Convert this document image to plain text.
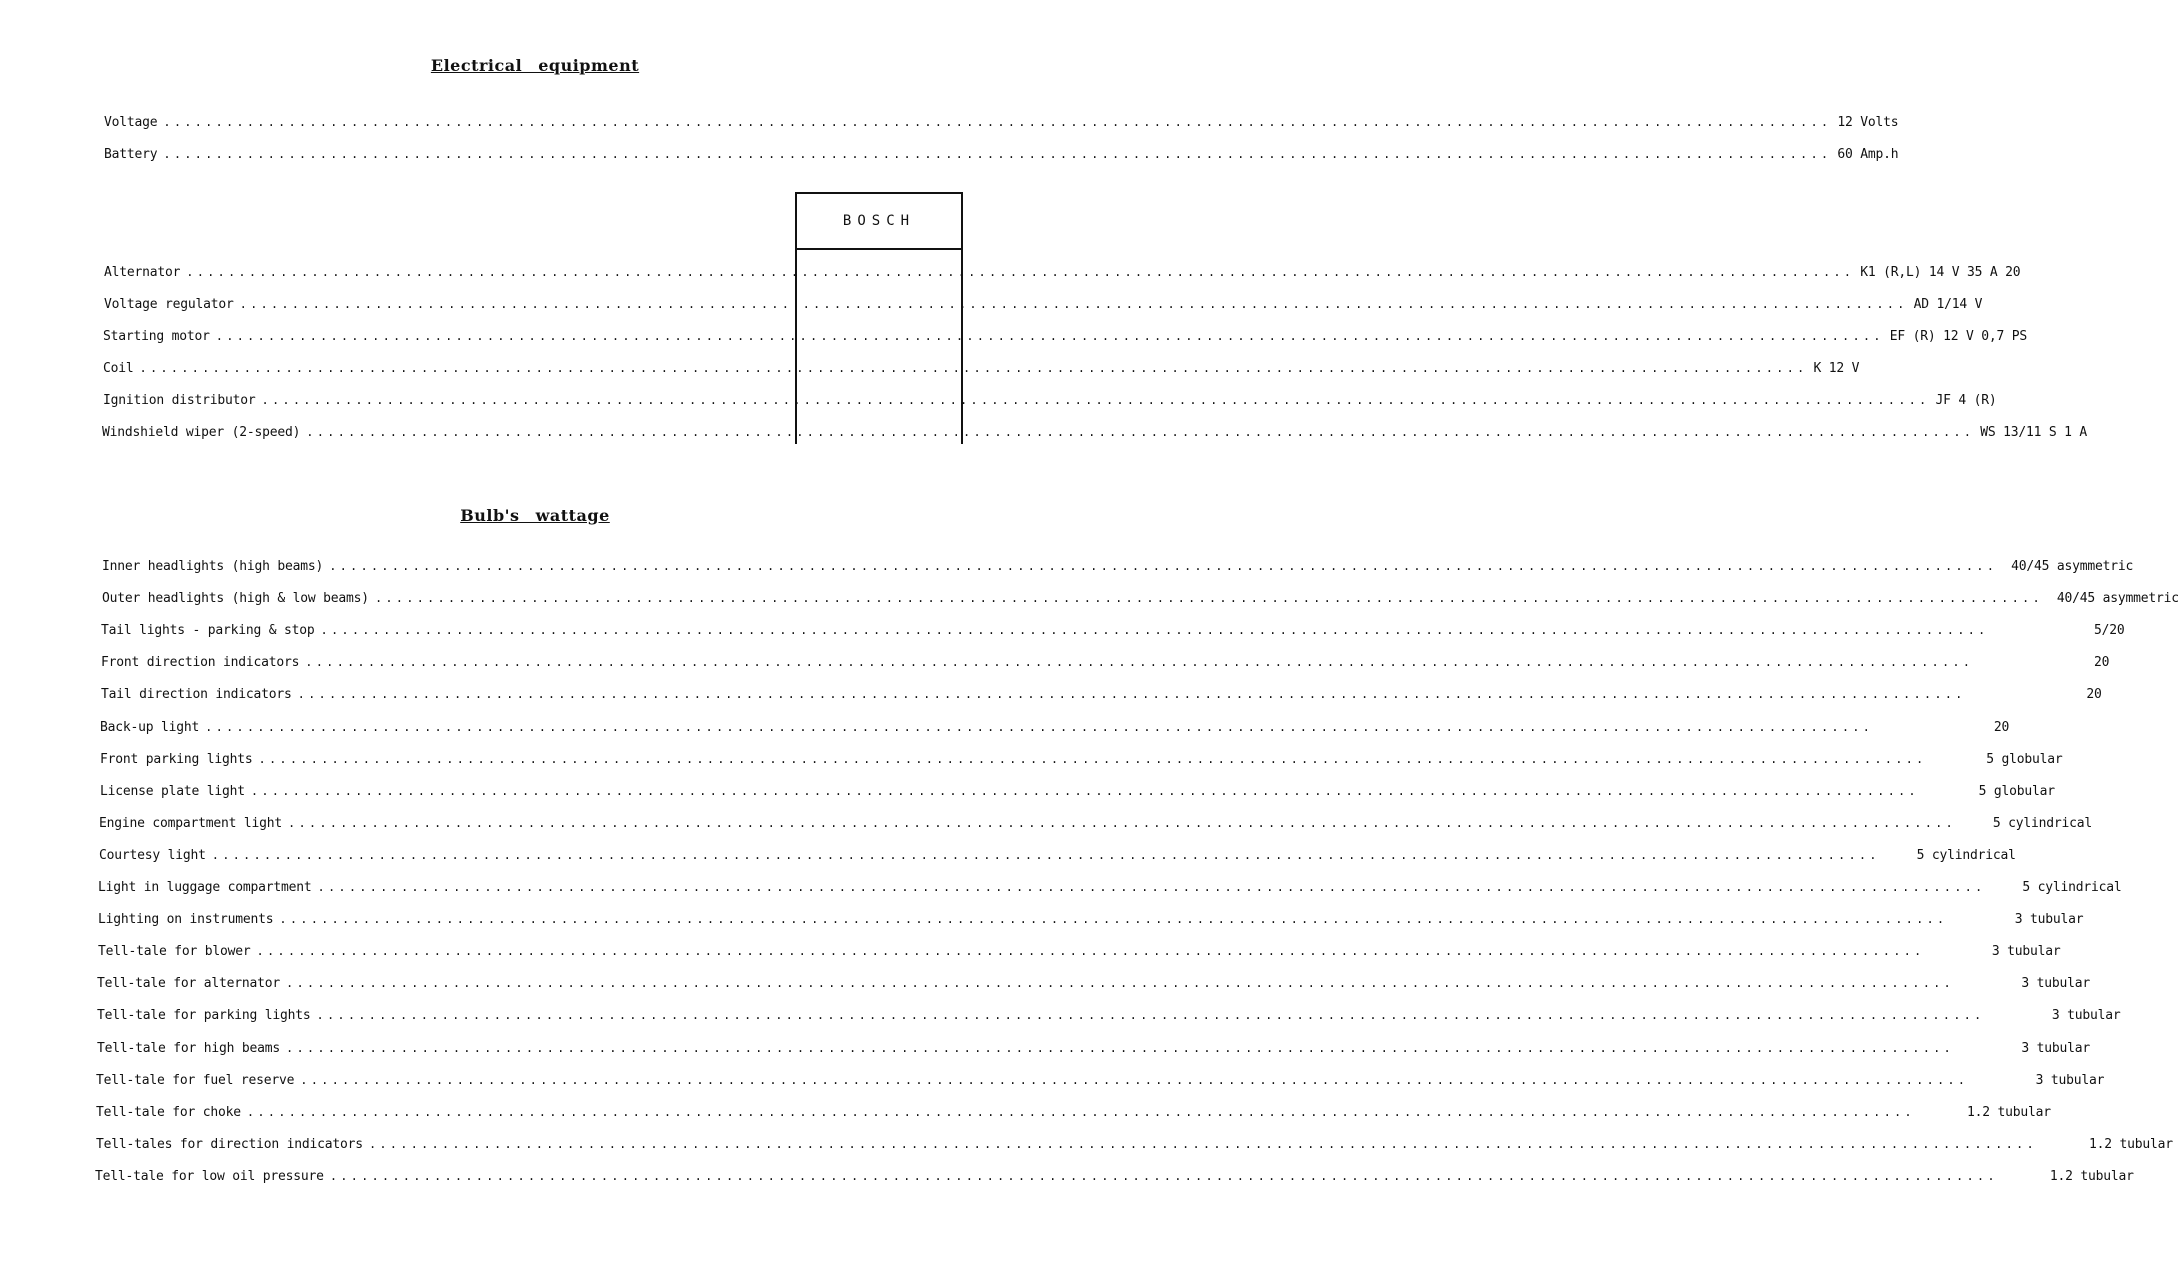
Electrical equipment
Voltage ................................................................................................................................................................ 12 Volts
Battery ................................................................................................................................................................ 60 Amp.h
BOSCH
Alternator ................................................................................................................................................................ K1 (R,L) 14 V 35 A 20
Voltage regulator ................................................................................................................................................................ AD 1/14 V
Starting motor ................................................................................................................................................................ EF (R) 12 V 0,7 PS
Coil ................................................................................................................................................................ K 12 V
Ignition distributor ................................................................................................................................................................ JF 4 (R)
Windshield wiper (2-speed) ................................................................................................................................................................ WS 13/11 S 1 A
Bulb's wattage
Inner headlights (high beams) ................................................................................................................................................................	40/45 asymmetric
Outer headlights (high & low beams) ................................................................................................................................................................	40/45 asymmetric
Tail lights - parking & stop ................................................................................................................................................................	5/20
Front direction indicators ................................................................................................................................................................	20
Tail direction indicators ................................................................................................................................................................	20
Back-up light ................................................................................................................................................................	20
Front parking lights ................................................................................................................................................................	5 globular
License plate light ................................................................................................................................................................	5 globular
Engine compartment light ................................................................................................................................................................	5 cylindrical
Courtesy light ................................................................................................................................................................	5 cylindrical
Light in luggage compartment ................................................................................................................................................................	5 cylindrical
Lighting on instruments ................................................................................................................................................................	3 tubular
Tell-tale for blower ................................................................................................................................................................	3 tubular
Tell-tale for alternator ................................................................................................................................................................	3 tubular
Tell-tale for parking lights ................................................................................................................................................................	3 tubular
Tell-tale for high beams ................................................................................................................................................................	3 tubular
Tell-tale for fuel reserve ................................................................................................................................................................	3 tubular
Tell-tale for choke ................................................................................................................................................................	1.2 tubular
Tell-tales for direction indicators ................................................................................................................................................................	1.2 tubular
Tell-tale for low oil pressure ................................................................................................................................................................	1.2 tubular
